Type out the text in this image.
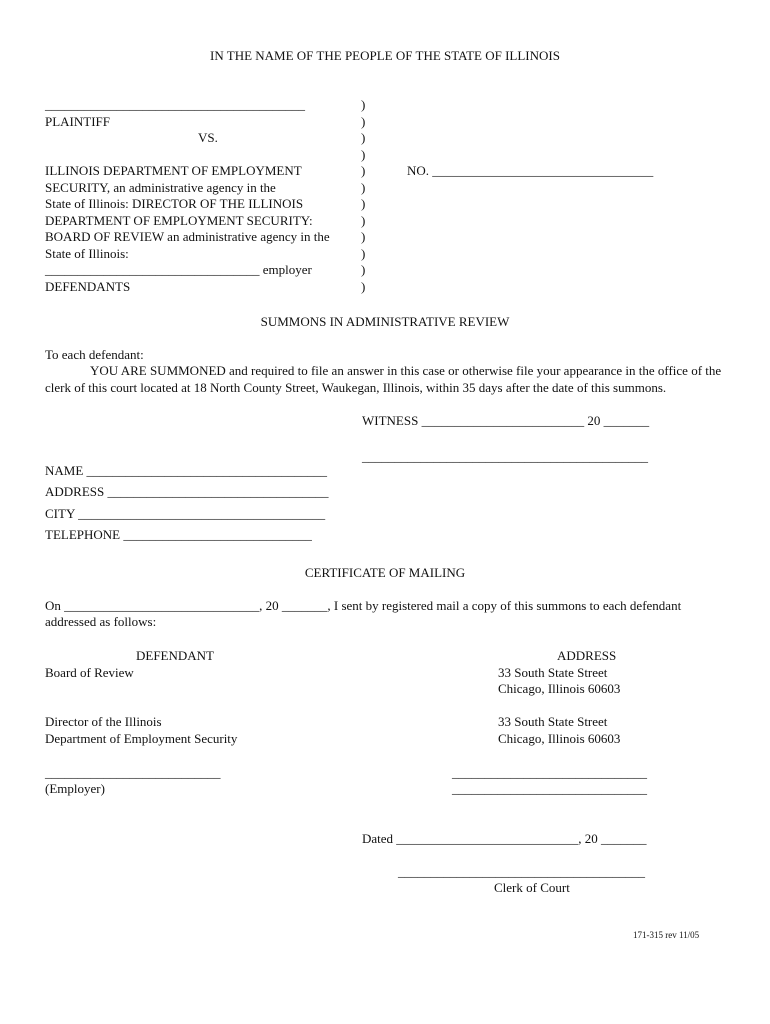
IN THE NAME OF THE PEOPLE OF THE STATE OF ILLINOIS
________________________________________
PLAINTIFF
VS.
ILLINOIS DEPARTMENT OF EMPLOYMENT
SECURITY, an administrative agency in the
State of Illinois: DIRECTOR OF THE ILLINOIS
DEPARTMENT OF EMPLOYMENT SECURITY:
BOARD OF REVIEW an administrative agency in the
State of Illinois:
_________________________________ employer
DEFENDANTS
)
)
)
)
)
)
)
)
)
)
)
)
NO. __________________________________
SUMMONS IN ADMINISTRATIVE REVIEW
To each defendant:
YOU ARE SUMMONED and required to file an answer in this case or otherwise file your appearance in the office of the clerk of this court located at 18 North County Street, Waukegan, Illinois, within 35 days after the date of this summons.
WITNESS _________________________ 20 _______
____________________________________________
NAME _____________________________________
ADDRESS __________________________________
CITY ______________________________________
TELEPHONE _____________________________
CERTIFICATE OF MAILING
On ______________________________, 20 _______, I sent by registered mail a copy of this summons to each defendant
addressed as follows:
DEFENDANT	ADDRESS
Board of Review	33 South State Street
Chicago, Illinois 60603
Director of the Illinois
Department of Employment Security
33 South State Street
Chicago, Illinois 60603
___________________________
(Employer)
______________________________
______________________________
Dated ____________________________, 20 _______
______________________________________
Clerk of Court
171-315 rev 11/05
